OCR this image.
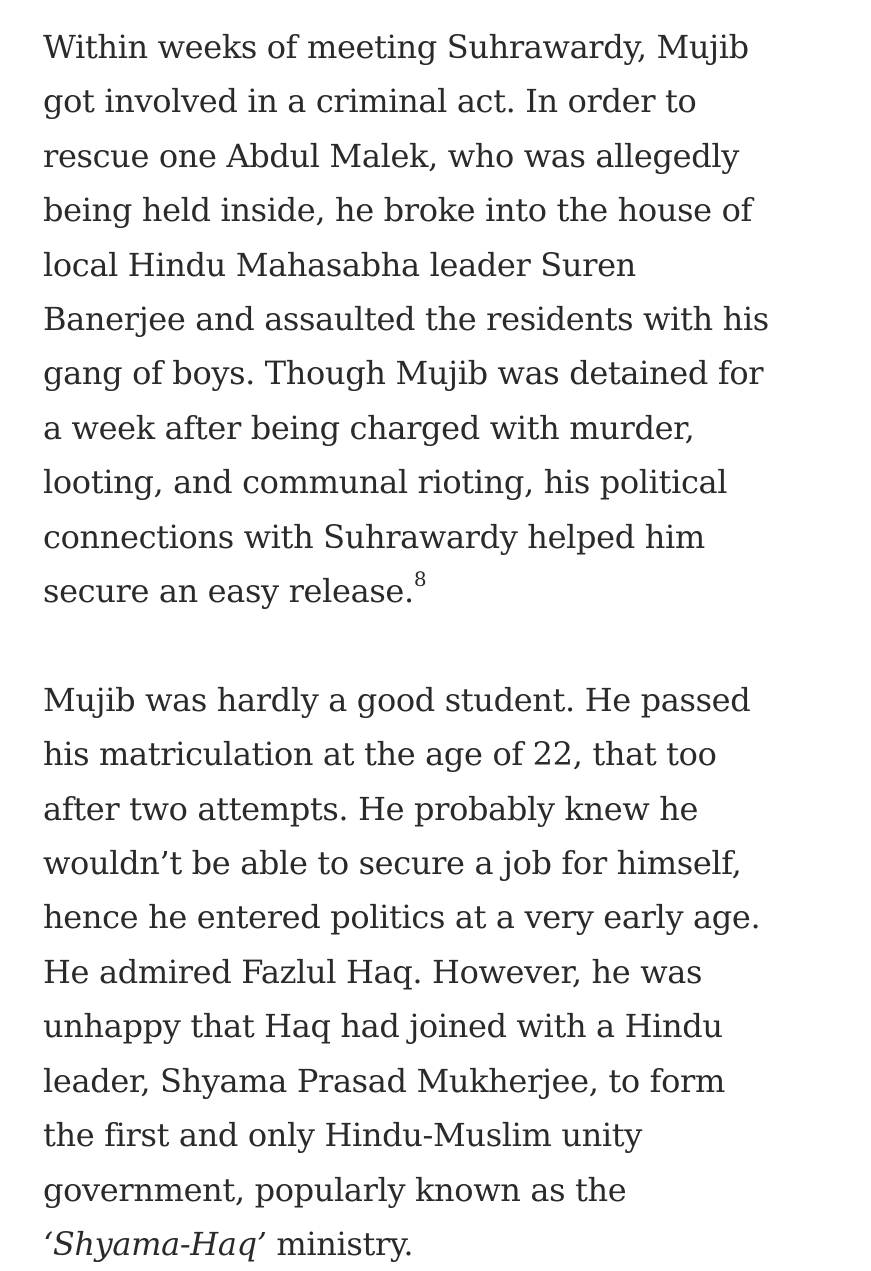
Within weeks of meeting Suhrawardy, Mujib
got involved in a criminal act. In order to
rescue one Abdul Malek, who was allegedly
being held inside, he broke into the house of
local Hindu Mahasabha leader Suren
Banerjee and assaulted the residents with his
gang of boys. Though Mujib was detained for
a week after being charged with murder,
looting, and communal rioting, his political
connections with Suhrawardy helped him
secure an easy release.$^8$

Mujib was hardly a good student. He passed
his matriculation at the age of 22, that too
after two attempts. He probably knew he
wouldn’t be able to secure a job for himself,
hence he entered politics at a very early age.
He admired Fazlul Haq. However, he was
unhappy that Haq had joined with a Hindu
leader, Shyama Prasad Mukherjee, to form
the first and only Hindu-Muslim unity
government, popularly known as the
‘Shyama-Haq’ ministry.
